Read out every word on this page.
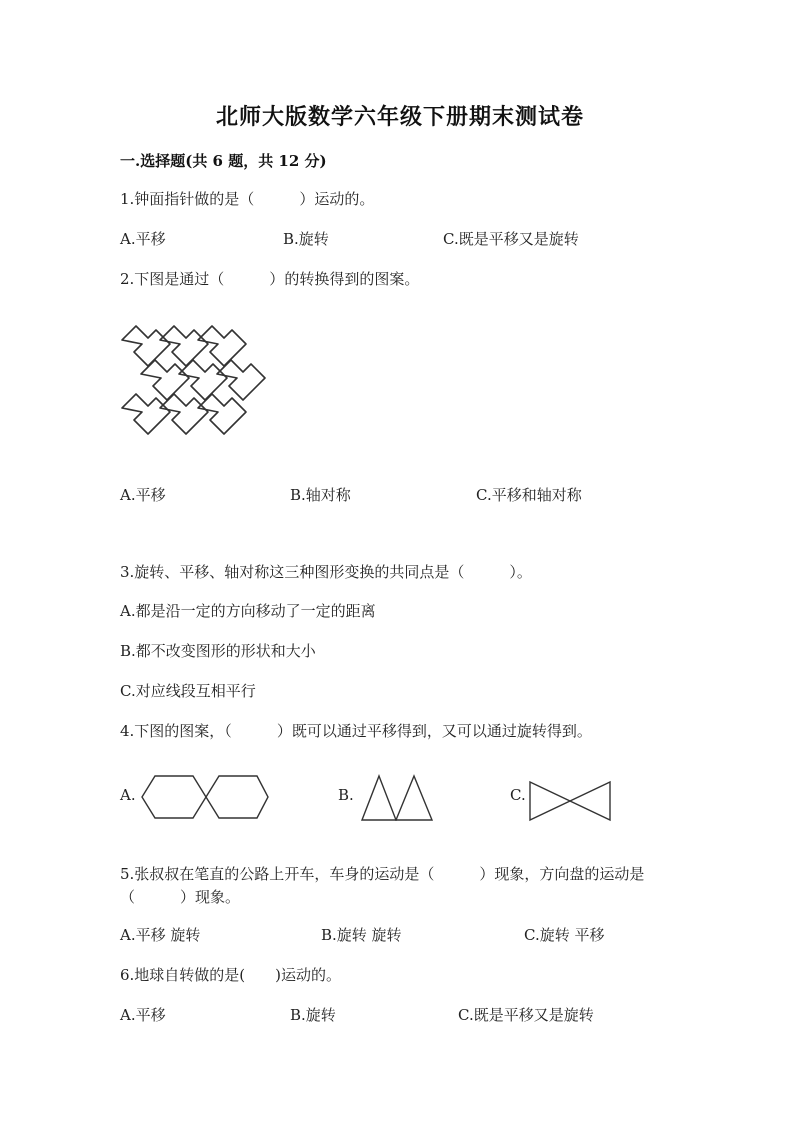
北师大版数学六年级下册期末测试卷
一.选择题(共 6 题，共 12 分)
1.钟面指针做的是（　　　）运动的。
A.平移	B.旋转	C.既是平移又是旋转
2.下图是通过（　　　）的转换得到的图案。
A.平移	B.轴对称	C.平移和轴对称
3.旋转、平移、轴对称这三种图形变换的共同点是（　　　）。
A.都是沿一定的方向移动了一定的距离
B.都不改变图形的形状和大小
C.对应线段互相平行
4.下图的图案，（　　　）既可以通过平移得到，又可以通过旋转得到。
A.	B.	C.
5.张叔叔在笔直的公路上开车，车身的运动是（　　　）现象，方向盘的运动是
（　　　）现象。
A.平移 旋转	B.旋转 旋转	C.旋转 平移
6.地球自转做的是(　　)运动的。
A.平移	B.旋转	C.既是平移又是旋转
